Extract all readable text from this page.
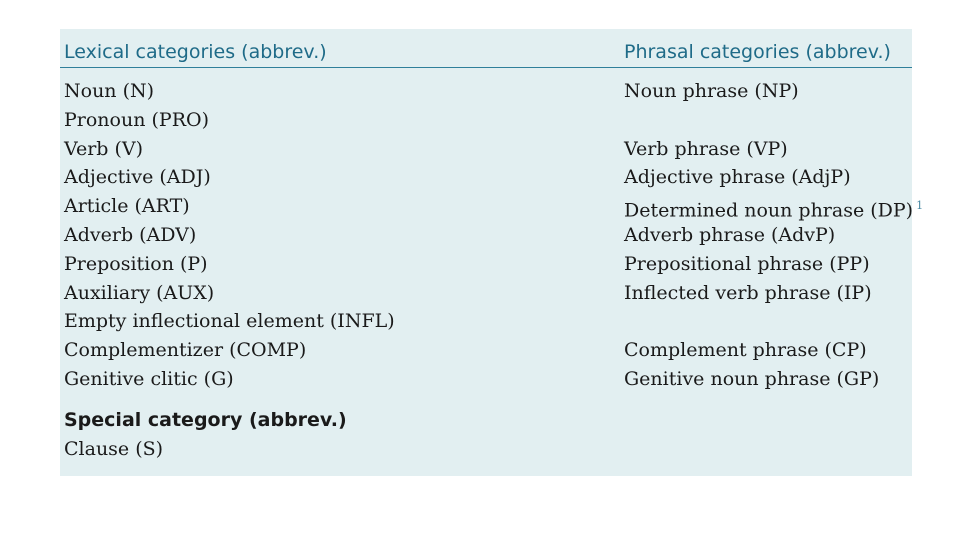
Lexical categories (abbrev.)	Phrasal categories (abbrev.)
Noun (N)
Pronoun (PRO)
Verb (V)
Adjective (ADJ)
Article (ART)
Adverb (ADV)
Preposition (P)
Auxiliary (AUX)
Empty inflectional element (INFL)
Complementizer (COMP)
Genitive clitic (G)
Noun phrase (NP)
Verb phrase (VP)
Adjective phrase (AdjP)
Determined noun phrase (DP) $^1$
Adverb phrase (AdvP)
Prepositional phrase (PP)
Inflected verb phrase (IP)
Complement phrase (CP)
Genitive noun phrase (GP)
Special category (abbrev.)
Clause (S)
